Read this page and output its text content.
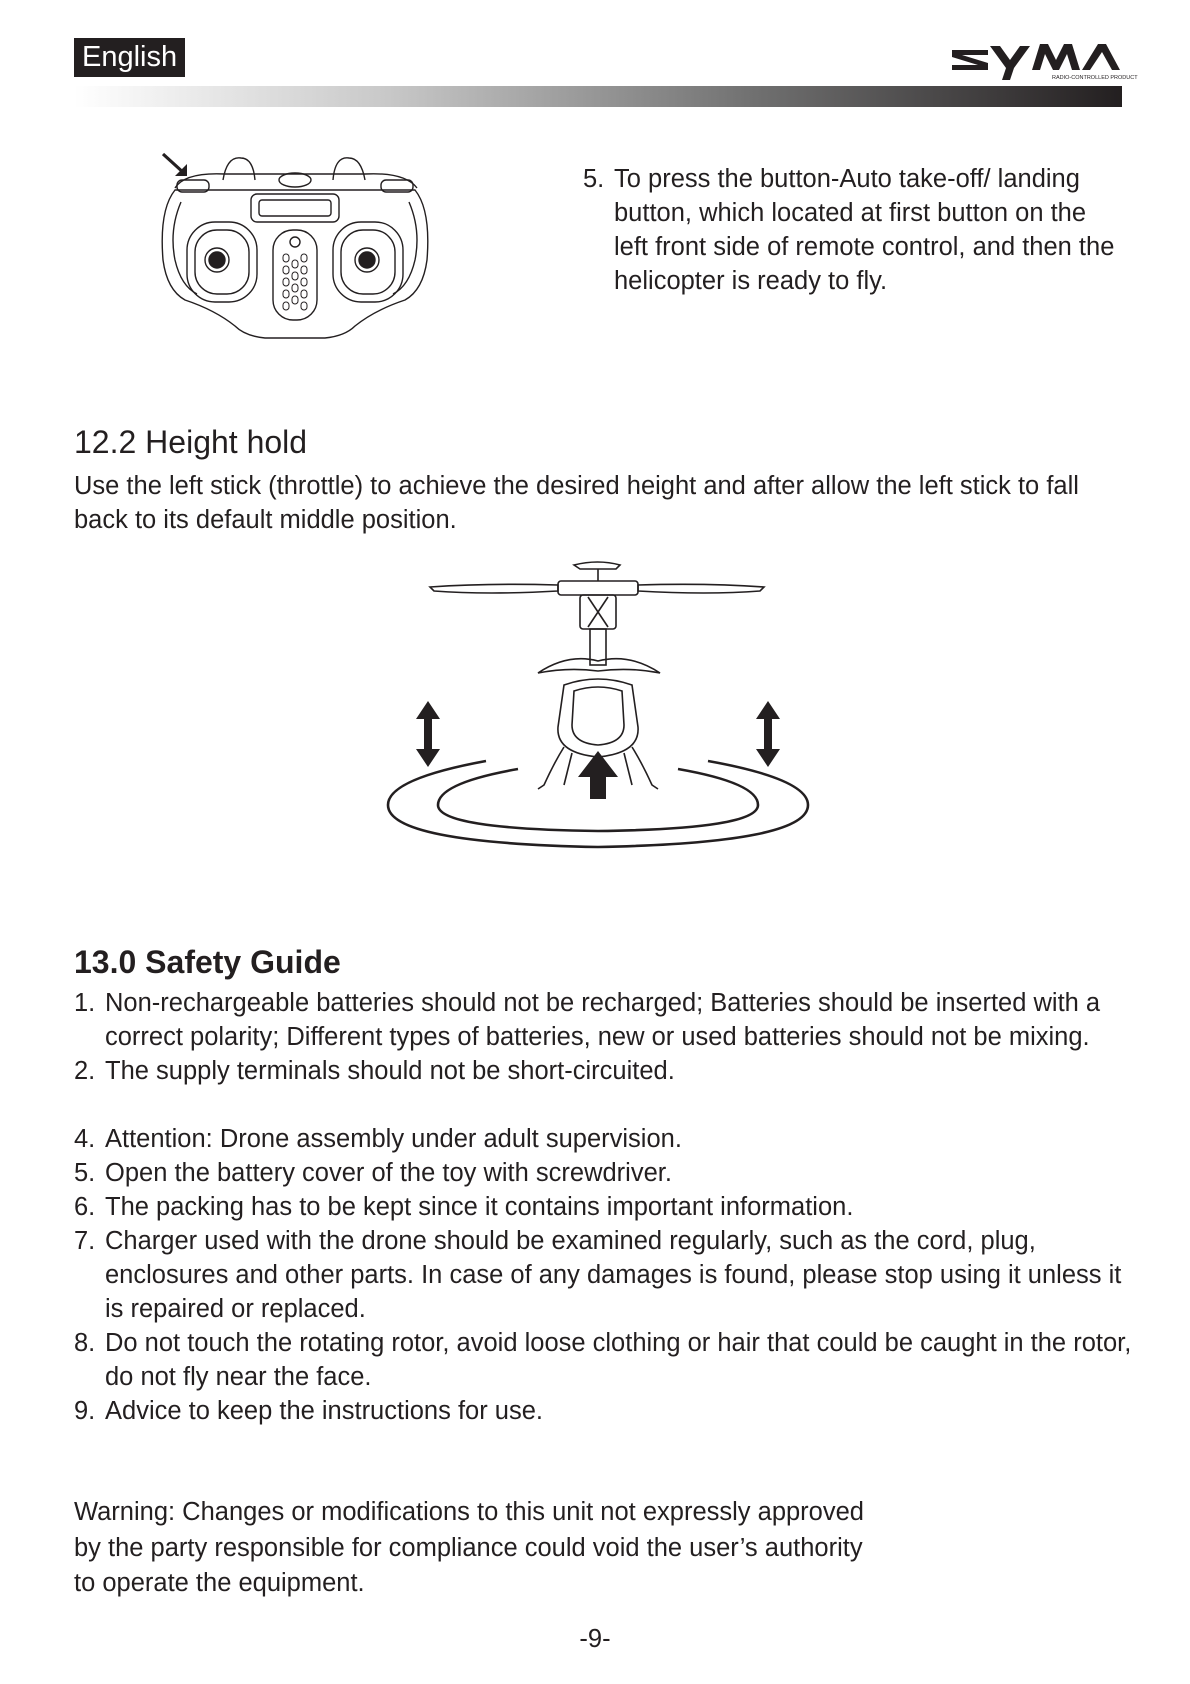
English
RADIO-CONTROLLED PRODUCT
5. To press the button-Auto take-off/ landing button, which located at first button on the left front side of remote control, and then the helicopter is ready to fly.
12.2 Height hold
Use the left stick (throttle) to achieve the desired height and after allow the left stick to fall back to its default middle position.
13.0 Safety Guide
1. Non-rechargeable batteries should not be recharged; Batteries should be inserted with a correct polarity; Different types of batteries, new or used batteries should not be mixing.
2. The supply terminals should not be short-circuited.
4. Attention: Drone assembly under adult supervision.
5. Open the battery cover of the toy with screwdriver.
6. The packing has to be kept since it contains important information.
7. Charger used with the drone should be examined regularly, such as the cord, plug, enclosures and other parts. In case of any damages is found, please stop using it unless it is repaired or replaced.
8. Do not touch the rotating rotor, avoid loose clothing or hair that could be caught in the rotor, do not fly near the face.
9. Advice to keep the instructions for use.
Warning: Changes or modifications to this unit not expressly approved
by the party responsible for compliance could void the user’s authority
to operate the equipment.
-9-
